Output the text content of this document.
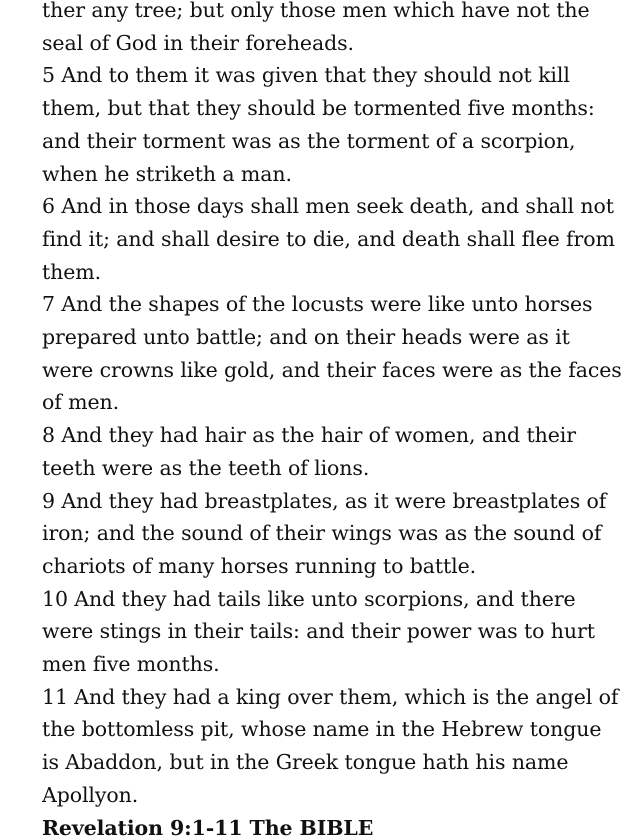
ther any tree; but only those men which have not the
seal of God in their foreheads.
5 And to them it was given that they should not kill
them, but that they should be tormented five months:
and their torment was as the torment of a scorpion,
when he striketh a man.
6 And in those days shall men seek death, and shall not
find it; and shall desire to die, and death shall flee from
them.
7 And the shapes of the locusts were like unto horses
prepared unto battle; and on their heads were as it
were crowns like gold, and their faces were as the faces
of men.
8 And they had hair as the hair of women, and their
teeth were as the teeth of lions.
9 And they had breastplates, as it were breastplates of
iron; and the sound of their wings was as the sound of
chariots of many horses running to battle.
10 And they had tails like unto scorpions, and there
were stings in their tails: and their power was to hurt
men five months.
11 And they had a king over them, which is the angel of
the bottomless pit, whose name in the Hebrew tongue
is Abaddon, but in the Greek tongue hath his name
Apollyon.
Revelation 9:1-11 The BIBLE
